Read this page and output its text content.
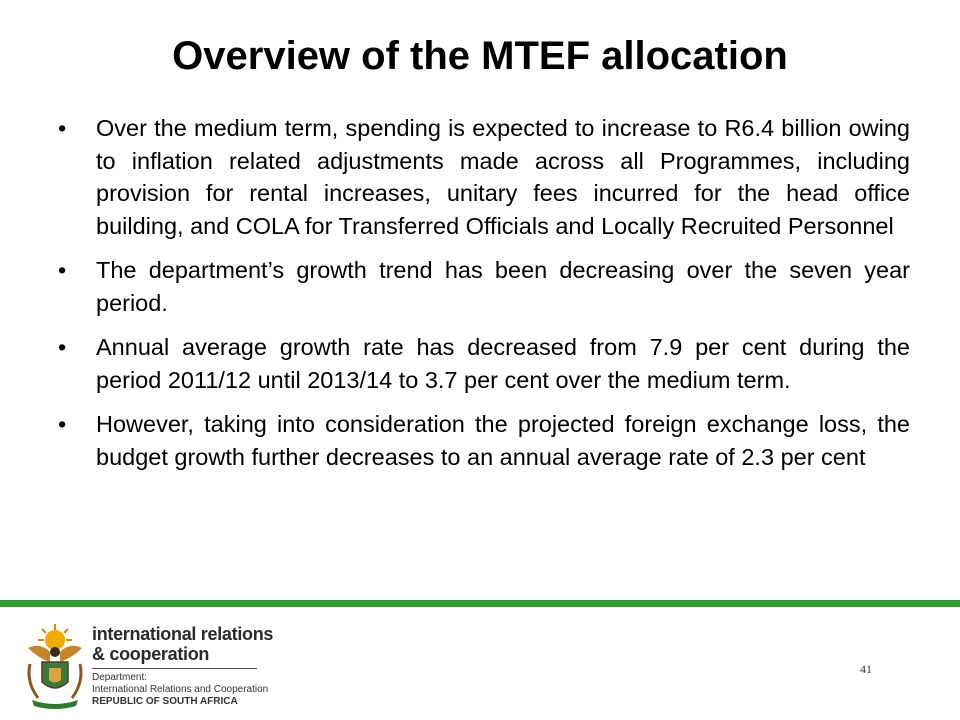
Overview of the MTEF allocation
•	Over the medium term, spending is expected to increase to R6.4 billion owing to inflation related adjustments made across all Programmes, including provision for rental increases, unitary fees incurred for the head office building, and COLA for Transferred Officials and Locally Recruited Personnel
•	The department’s growth trend has been decreasing over the seven year period.
•	Annual average growth rate has decreased from 7.9 per cent during the period 2011/12 until 2013/14 to 3.7 per cent over the medium term.
•	However, taking into consideration the projected foreign exchange loss, the budget growth further decreases to an annual average rate of 2.3 per cent
international relations
& cooperation
Department:
International Relations and Cooperation
REPUBLIC OF SOUTH AFRICA
41
